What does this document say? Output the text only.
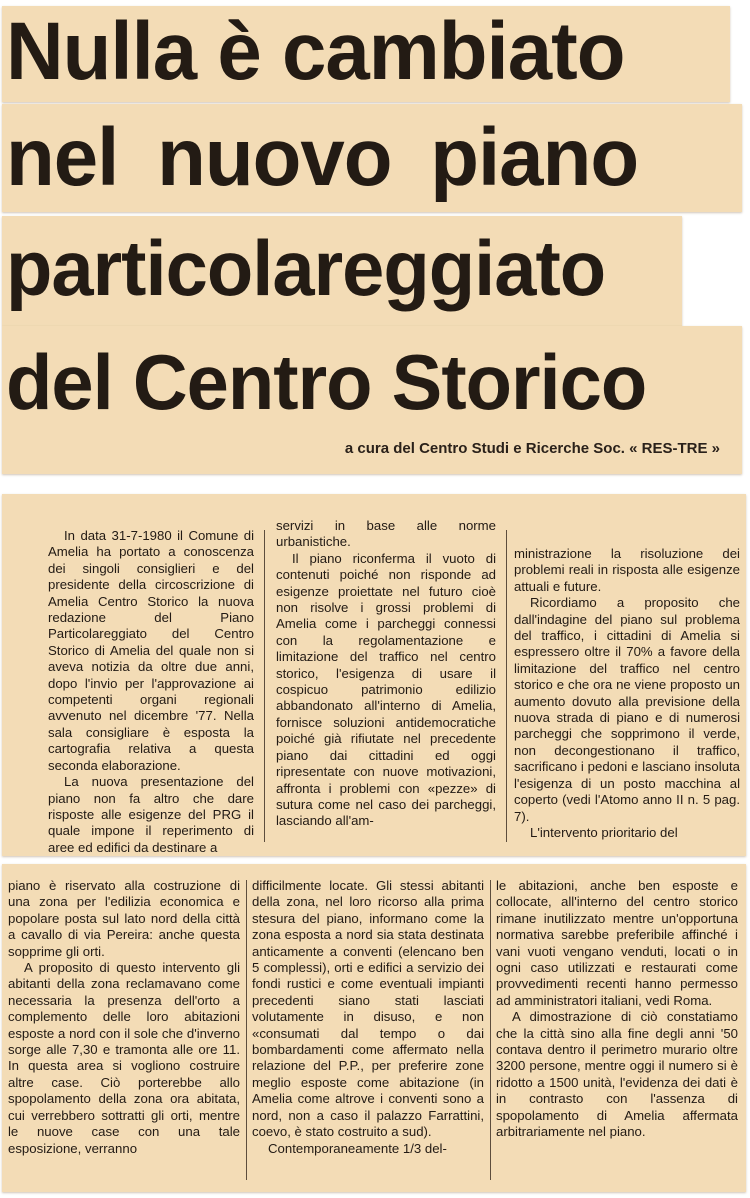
Nulla è cambiato
nel nuovo piano
particolareggiato
del Centro Storico

a cura del Centro Studi e Ricerche Soc. « RES-TRE »

In data 31-7-1980 il Comune di Amelia ha portato a conoscenza dei singoli consiglieri e del presidente della circoscrizione di Amelia Centro Storico la nuova redazione del Piano Particolareggiato del Centro Storico di Amelia del quale non si aveva notizia da oltre due anni, dopo l'invio per l'approvazione ai competenti organi regionali avvenuto nel dicembre '77. Nella sala consigliare è esposta la cartografia relativa a questa seconda elaborazione.

La nuova presentazione del piano non fa altro che dare risposte alle esigenze del PRG il quale impone il reperimento di aree ed edifici da destinare a

servizi in base alle norme urbanistiche.

Il piano riconferma il vuoto di contenuti poiché non risponde ad esigenze proiettate nel futuro cioè non risolve i grossi problemi di Amelia come i parcheggi connessi con la regolamentazione e limitazione del traffico nel centro storico, l'esigenza di usare il cospicuo patrimonio edilizio abbandonato all'interno di Amelia, fornisce soluzioni antidemocratiche poiché già rifiutate nel precedente piano dai cittadini ed oggi ripresentate con nuove motivazioni, affronta i problemi con «pezze» di sutura come nel caso dei parcheggi, lasciando all'am-

ministrazione la risoluzione dei problemi reali in risposta alle esigenze attuali e future.

Ricordiamo a proposito che dall'indagine del piano sul problema del traffico, i cittadini di Amelia si espressero oltre il 70% a favore della limitazione del traffico nel centro storico e che ora ne viene proposto un aumento dovuto alla previsione della nuova strada di piano e di numerosi parcheggi che sopprimono il verde, non decongestionano il traffico, sacrificano i pedoni e lasciano insoluta l'esigenza di un posto macchina al coperto (vedi l'Atomo anno II n. 5 pag. 7).

L'intervento prioritario del

piano è riservato alla costruzione di una zona per l'edilizia economica e popolare posta sul lato nord della città a cavallo di via Pereira: anche questa sopprime gli orti.

A proposito di questo intervento gli abitanti della zona reclamavano come necessaria la presenza dell'orto a complemento delle loro abitazioni esposte a nord con il sole che d'inverno sorge alle 7,30 e tramonta alle ore 11. In questa area si vogliono costruire altre case. Ciò porterebbe allo spopolamento della zona ora abitata, cui verrebbero sottratti gli orti, mentre le nuove case con una tale esposizione, verranno

difficilmente locate. Gli stessi abitanti della zona, nel loro ricorso alla prima stesura del piano, informano come la zona esposta a nord sia stata destinata anticamente a conventi (elencano ben 5 complessi), orti e edifici a servizio dei fondi rustici e come eventuali impianti precedenti siano stati lasciati volutamente in disuso, e non «consumati dal tempo o dai bombardamenti come affermato nella relazione del P.P., per preferire zone meglio esposte come abitazione (in Amelia come altrove i conventi sono a nord, non a caso il palazzo Farrattini, coevo, è stato costruito a sud).

Contemporaneamente 1/3 del-

le abitazioni, anche ben esposte e collocate, all'interno del centro storico rimane inutilizzato mentre un'opportuna normativa sarebbe preferibile affinché i vani vuoti vengano venduti, locati o in ogni caso utilizzati e restaurati come provvedimenti recenti hanno permesso ad amministratori italiani, vedi Roma.

A dimostrazione di ciò constatiamo che la città sino alla fine degli anni '50 contava dentro il perimetro murario oltre 3200 persone, mentre oggi il numero si è ridotto a 1500 unità, l'evidenza dei dati è in contrasto con l'assenza di spopolamento di Amelia affermata arbitrariamente nel piano.
